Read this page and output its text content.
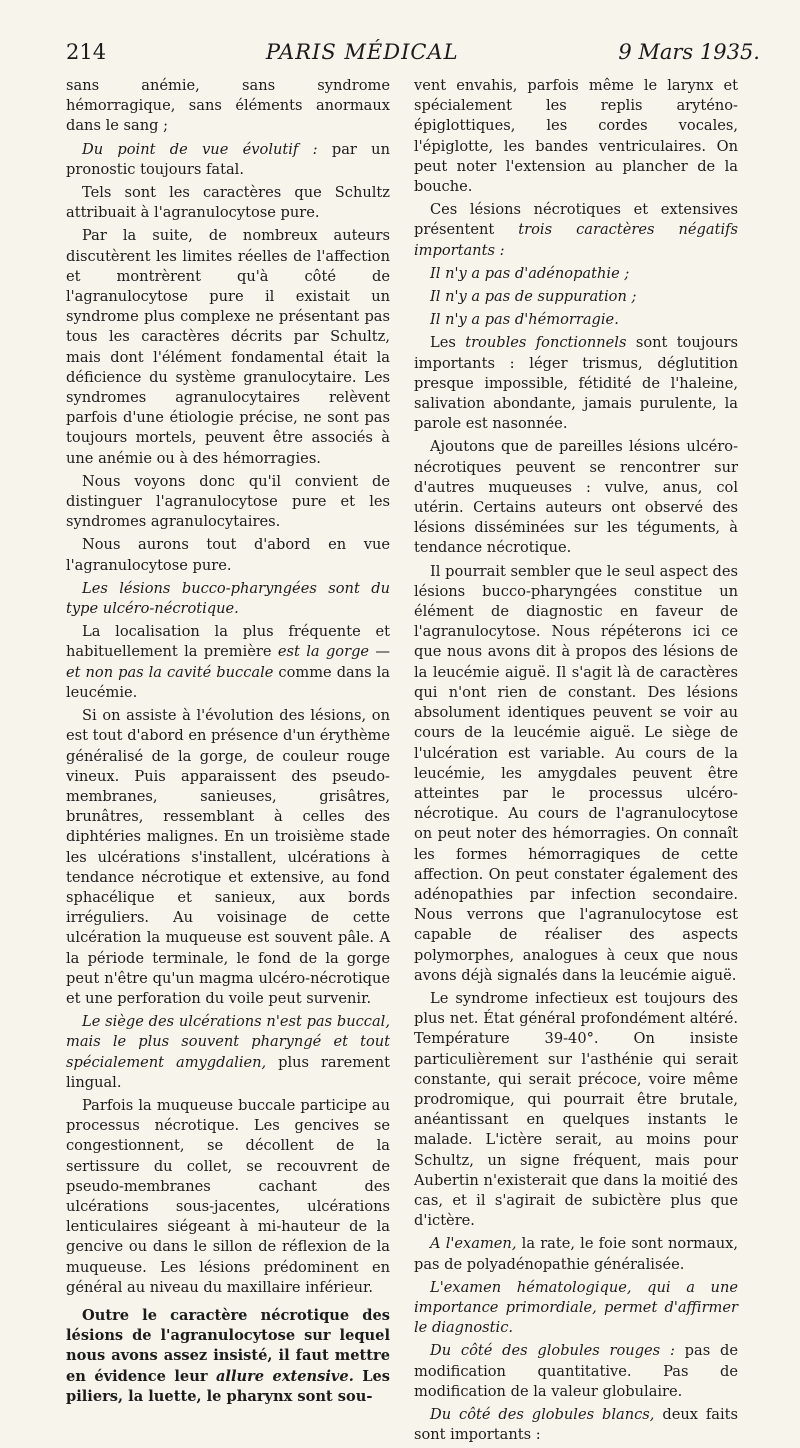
214	PARIS MÉDICAL	9 Mars 1935.

sans anémie, sans syndrome hémorragique, sans éléments anormaux dans le sang ;

Du point de vue évolutif : par un pronostic toujours fatal.

Tels sont les caractères que Schultz attribuait à l'agranulocytose pure.

Par la suite, de nombreux auteurs discutèrent les limites réelles de l'affection et montrèrent qu'à côté de l'agranulocytose pure il existait un syndrome plus complexe ne présentant pas tous les caractères décrits par Schultz, mais dont l'élément fondamental était la déficience du système granulocytaire. Les syndromes agranulocytaires relèvent parfois d'une étiologie précise, ne sont pas toujours mortels, peuvent être associés à une anémie ou à des hémorragies.

Nous voyons donc qu'il convient de distinguer l'agranulocytose pure et les syndromes agranulocytaires.

Nous aurons tout d'abord en vue l'agranulocytose pure.

Les lésions bucco-pharyngées sont du type ulcéro-nécrotique.

La localisation la plus fréquente et habituellement la première est la gorge — et non pas la cavité buccale comme dans la leucémie.

Si on assiste à l'évolution des lésions, on est tout d'abord en présence d'un érythème généralisé de la gorge, de couleur rouge vineux. Puis apparaissent des pseudo-membranes, sanieuses, grisâtres, brunâtres, ressemblant à celles des diphtéries malignes. En un troisième stade les ulcérations s'installent, ulcérations à tendance nécrotique et extensive, au fond sphacélique et sanieux, aux bords irréguliers. Au voisinage de cette ulcération la muqueuse est souvent pâle. A la période terminale, le fond de la gorge peut n'être qu'un magma ulcéro-nécrotique et une perforation du voile peut survenir.

Le siège des ulcérations n'est pas buccal, mais le plus souvent pharyngé et tout spécialement amygdalien, plus rarement lingual.

Parfois la muqueuse buccale participe au processus nécrotique. Les gencives se congestionnent, se décollent de la sertissure du collet, se recouvrent de pseudo-membranes cachant des ulcérations sous-jacentes, ulcérations lenticulaires siégeant à mi-hauteur de la gencive ou dans le sillon de réflexion de la muqueuse. Les lésions prédominent en général au niveau du maxillaire inférieur.

Outre le caractère nécrotique des lésions de l'agranulocytose sur lequel nous avons assez insisté, il faut mettre en évidence leur allure extensive. Les piliers, la luette, le pharynx sont sou-

vent envahis, parfois même le larynx et spécialement les replis aryténo-épiglottiques, les cordes vocales, l'épiglotte, les bandes ventriculaires. On peut noter l'extension au plancher de la bouche.

Ces lésions nécrotiques et extensives présentent trois caractères négatifs importants :

Il n'y a pas d'adénopathie ;

Il n'y a pas de suppuration ;

Il n'y a pas d'hémorragie.

Les troubles fonctionnels sont toujours importants : léger trismus, déglutition presque impossible, fétidité de l'haleine, salivation abondante, jamais purulente, la parole est nasonnée.

Ajoutons que de pareilles lésions ulcéro-nécrotiques peuvent se rencontrer sur d'autres muqueuses : vulve, anus, col utérin. Certains auteurs ont observé des lésions disséminées sur les téguments, à tendance nécrotique.

Il pourrait sembler que le seul aspect des lésions bucco-pharyngées constitue un élément de diagnostic en faveur de l'agranulocytose. Nous répéterons ici ce que nous avons dit à propos des lésions de la leucémie aiguë. Il s'agit là de caractères qui n'ont rien de constant. Des lésions absolument identiques peuvent se voir au cours de la leucémie aiguë. Le siège de l'ulcération est variable. Au cours de la leucémie, les amygdales peuvent être atteintes par le processus ulcéro-nécrotique. Au cours de l'agranulocytose on peut noter des hémorragies. On connaît les formes hémorragiques de cette affection. On peut constater également des adénopathies par infection secondaire. Nous verrons que l'agranulocytose est capable de réaliser des aspects polymorphes, analogues à ceux que nous avons déjà signalés dans la leucémie aiguë.

Le syndrome infectieux est toujours des plus net. État général profondément altéré. Température 39-40°. On insiste particulièrement sur l'asthénie qui serait constante, qui serait précoce, voire même prodromique, qui pourrait être brutale, anéantissant en quelques instants le malade. L'ictère serait, au moins pour Schultz, un signe fréquent, mais pour Aubertin n'existerait que dans la moitié des cas, et il s'agirait de subictère plus que d'ictère.

A l'examen, la rate, le foie sont normaux, pas de polyadénopathie généralisée.

L'examen hématologique, qui a une importance primordiale, permet d'affirmer le diagnostic.

Du côté des globules rouges : pas de modification quantitative. Pas de modification de la valeur globulaire.

Du côté des globules blancs, deux faits sont importants :
